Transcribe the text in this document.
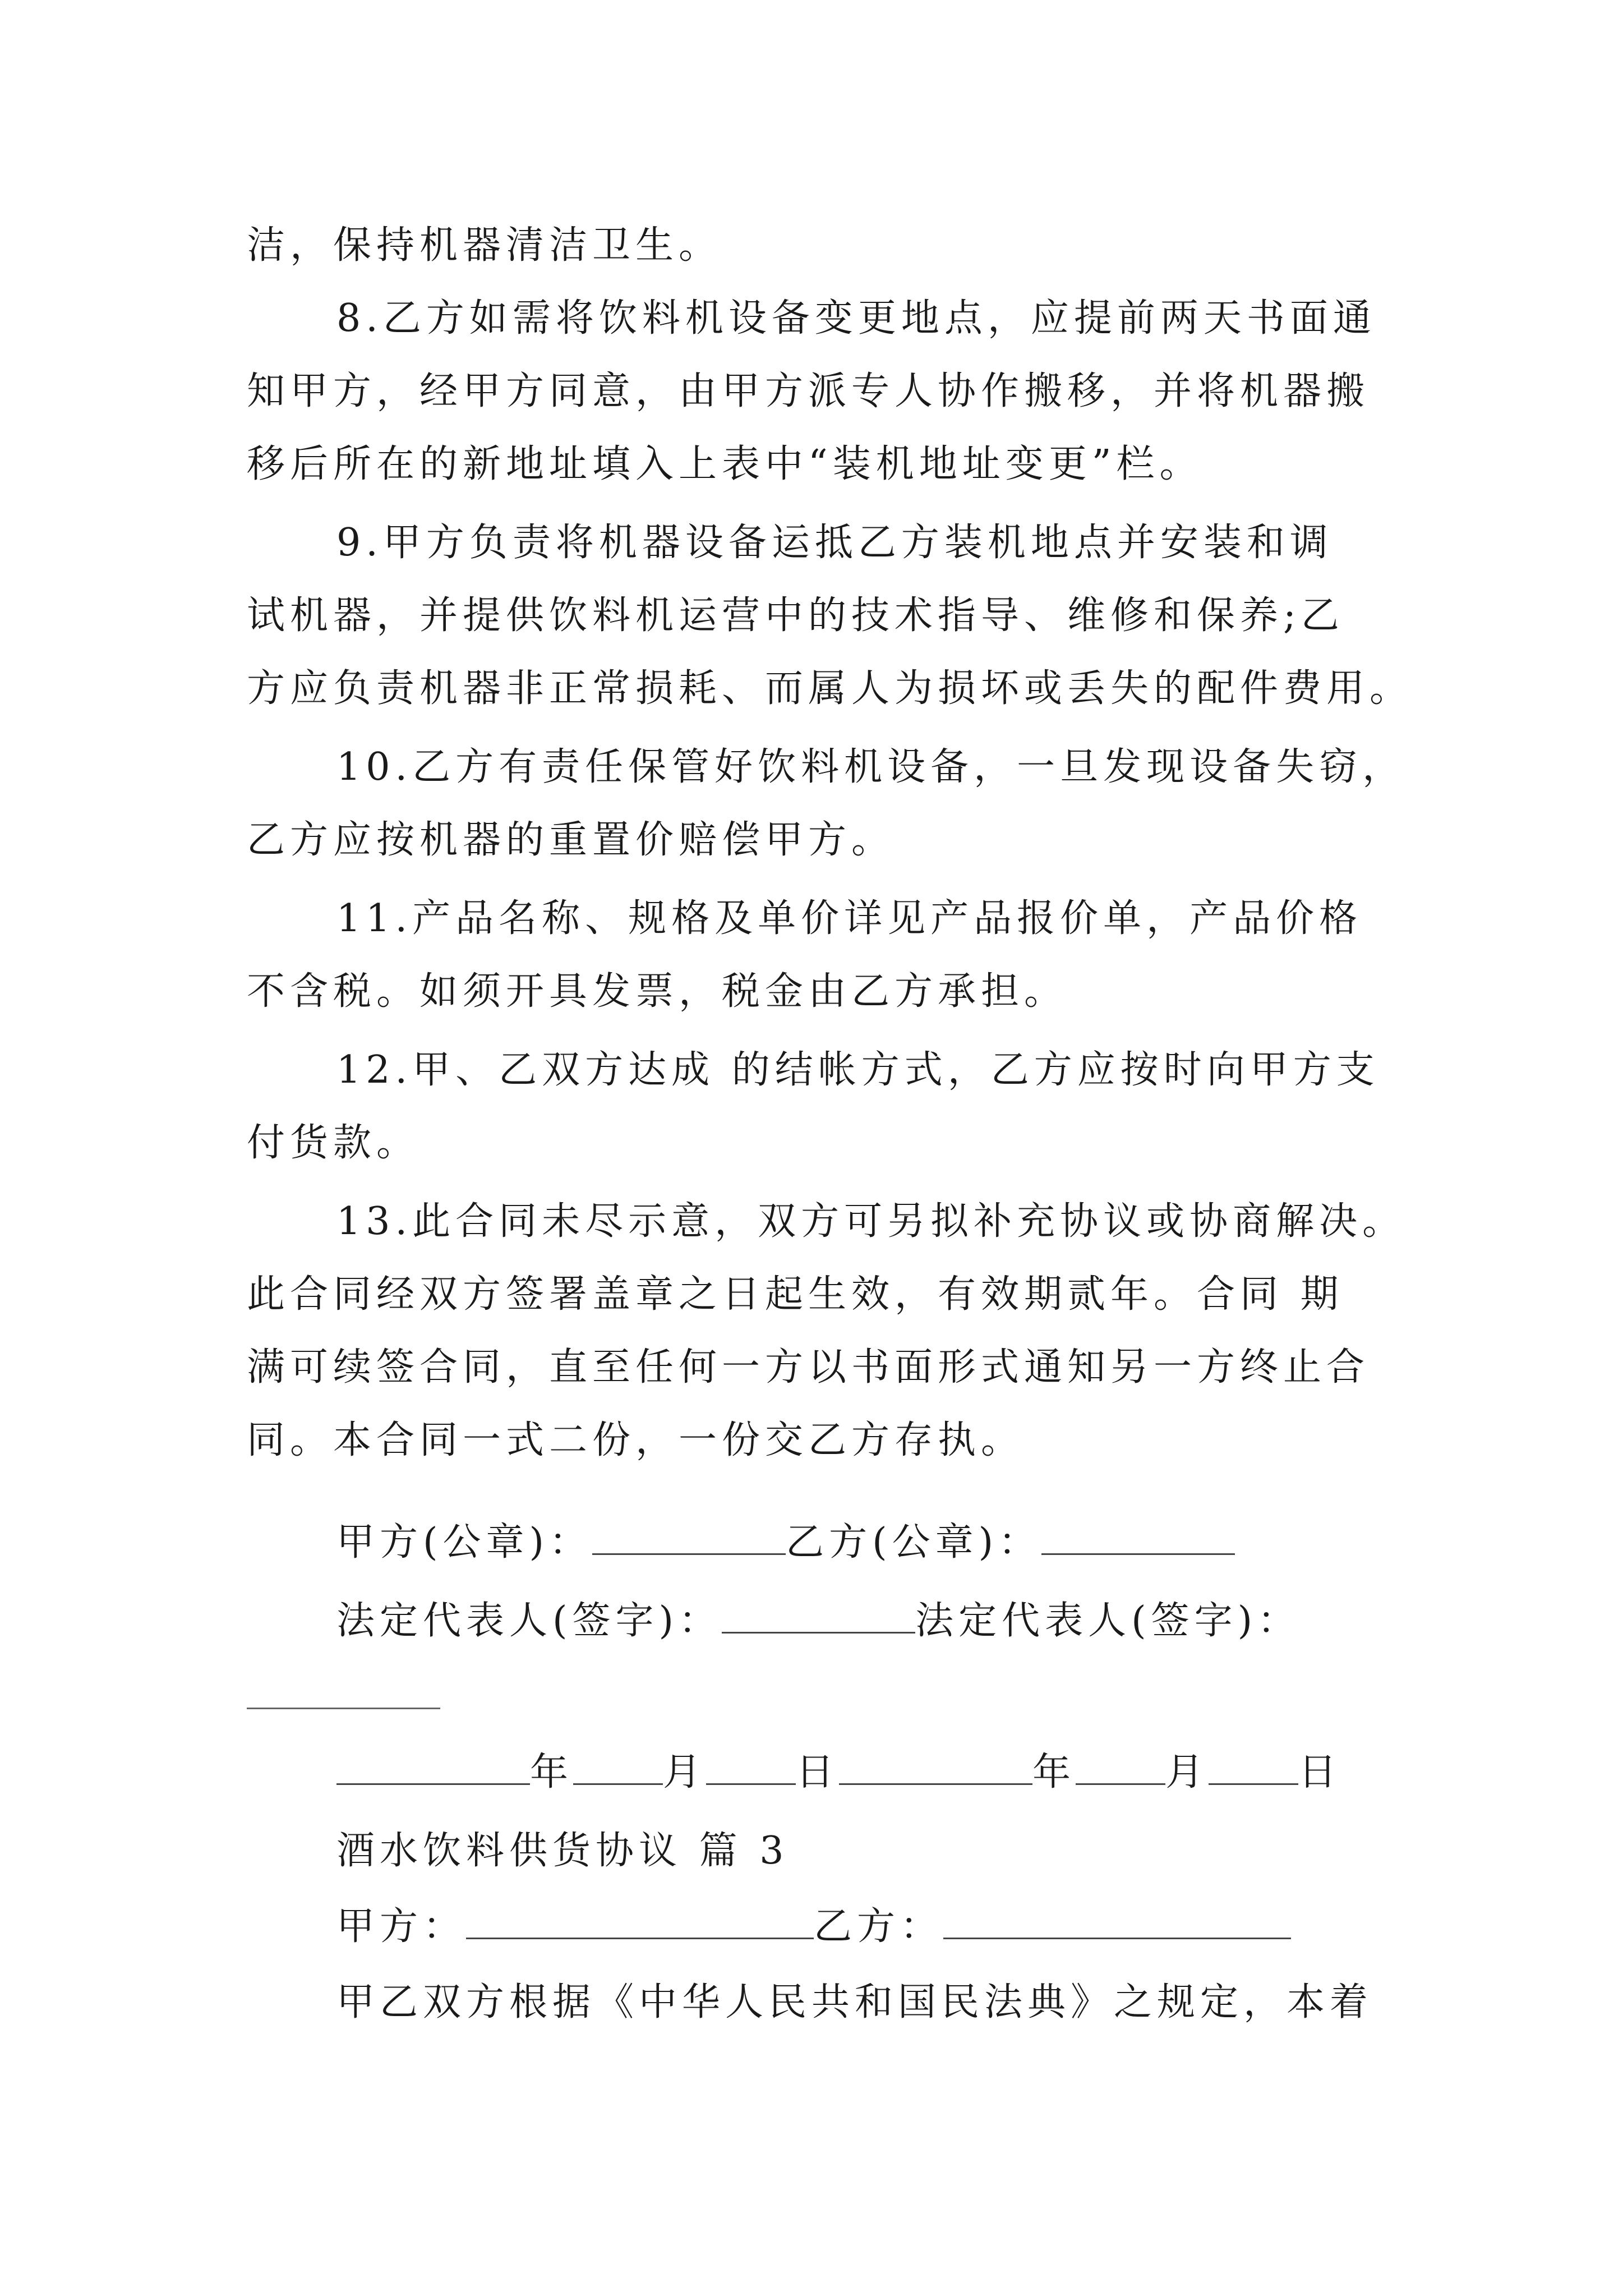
洁，保持机器清洁卫生。
8.乙方如需将饮料机设备变更地点，应提前两天书面通
知甲方，经甲方同意，由甲方派专人协作搬移，并将机器搬
移后所在的新地址填入上表中“装机地址变更”栏。
9.甲方负责将机器设备运抵乙方装机地点并安装和调
试机器，并提供饮料机运营中的技术指导、维修和保养;乙
方应负责机器非正常损耗、而属人为损坏或丢失的配件费用。
10.乙方有责任保管好饮料机设备，一旦发现设备失窃，
乙方应按机器的重置价赔偿甲方。
11.产品名称、规格及单价详见产品报价单，产品价格
不含税。如须开具发票，税金由乙方承担。
12.甲、乙双方达成 的结帐方式，乙方应按时向甲方支
付货款。
13.此合同未尽示意，双方可另拟补充协议或协商解决。
此合同经双方签署盖章之日起生效，有效期贰年。合同 期
满可续签合同，直至任何一方以书面形式通知另一方终止合
同。本合同一式二份，一份交乙方存执。
甲方(公章)：	乙方(公章)：
法定代表人(签字)：	法定代表人(签字)：
年 月 日	年 月 日
酒水饮料供货协议 篇 3
甲方：	乙方：
甲乙双方根据《中华人民共和国民法典》之规定，本着
